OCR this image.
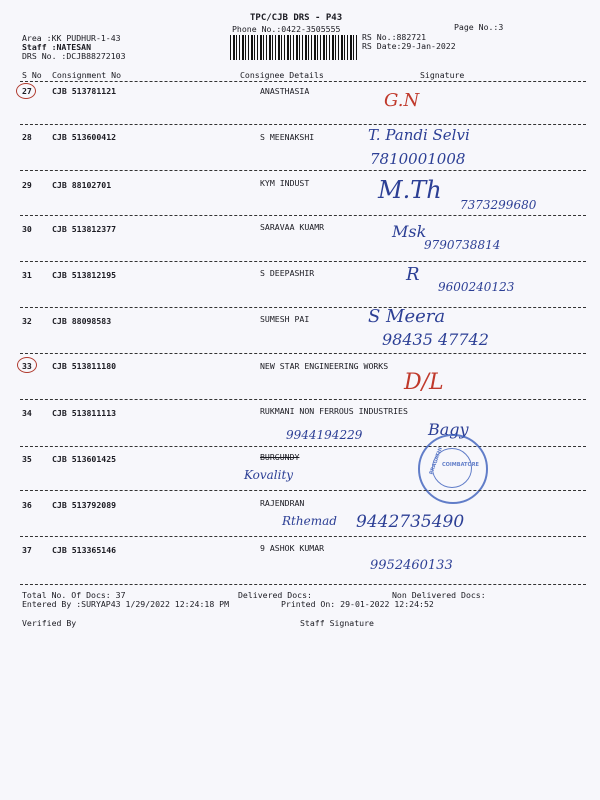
TPC/CJB DRS - P43
Phone No.:0422-3505555	Page No.:3
Area :KK PUDHUR-1-43
Staff :NATESAN
DRS No. :DCJB88272103
RS No.:882721
RS Date:29-Jan-2022
S No Consignment No	Consignee Details	Signature
27 CJB 513781121	ANASTHASIA	G.N
28 CJB 513600412	S MEENAKSHI	T. Pandi Selvi
7810001008
29 CJB 88102701	KYM INDUST	M.Th
7373299680
30 CJB 513812377	SARAVAA KUAMR	Msk
9790738814
31 CJB 513812195	S DEEPASHIR	R
9600240123
32 CJB 88098583	SUMESH PAI	S Meera
98435 47742
33 CJB 513811180	NEW STAR ENGINEERING WORKS
D/L
34 CJB 513811113	RUKMANI NON FERROUS INDUSTRIES
9944194229	Bagy
35 CJB 513601425	BURGUNDY
Kovality	PRAGATHI
COIMBATORE
36 CJB 513792089	RAJENDRAN
Rthemad 9442735490
37 CJB 513365146	9 ASHOK KUMAR
9952460133
Total No. Of Docs: 37	Delivered Docs:	Non Delivered Docs:
Entered By :SURYAP43 1/29/2022 12:24:18 PM	Printed On: 29-01-2022 12:24:52
Verified By	Staff Signature
